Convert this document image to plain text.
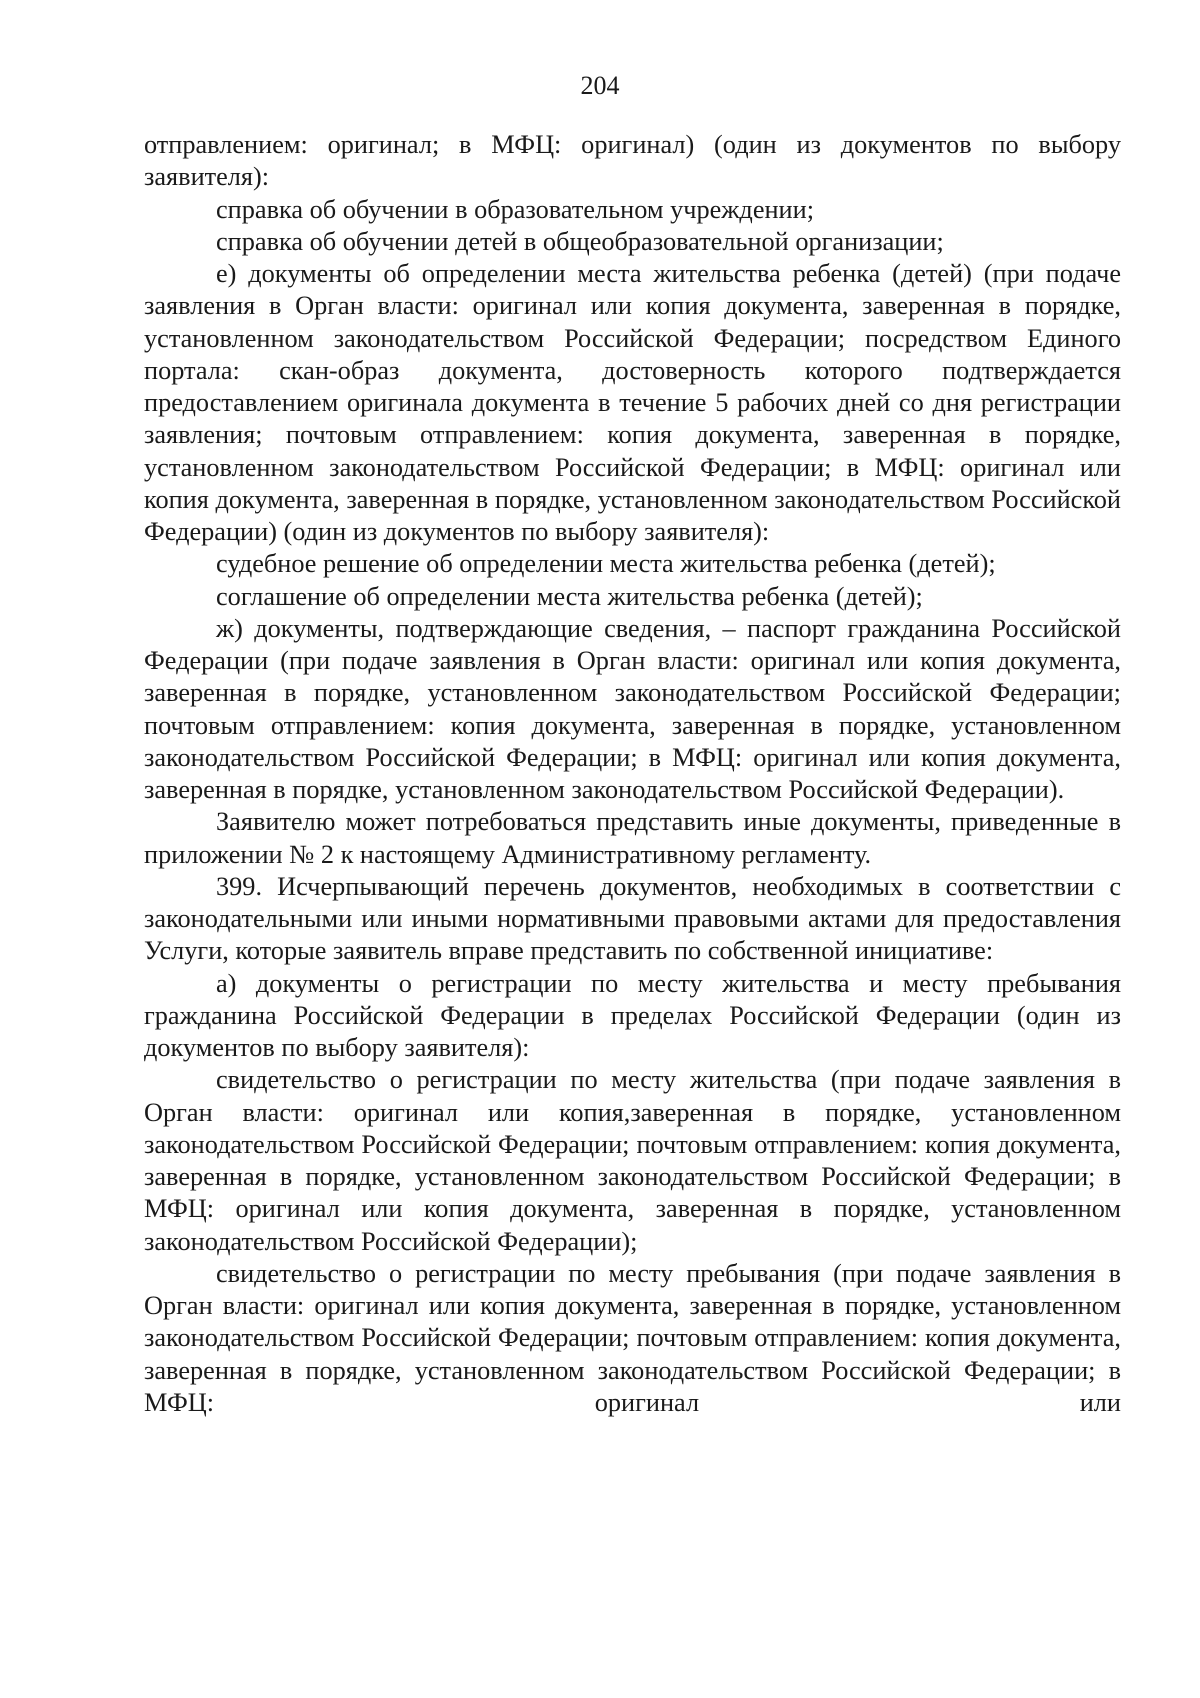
204

отправлением: оригинал; в МФЦ: оригинал) (один из документов по выбору заявителя):

справка об обучении в образовательном учреждении;

справка об обучении детей в общеобразовательной организации;

е) документы об определении места жительства ребенка (детей) (при подаче заявления в Орган власти: оригинал или копия документа, заверенная в порядке, установленном законодательством Российской Федерации; посредством Единого портала: скан-образ документа, достоверность которого подтверждается предоставлением оригинала документа в течение 5 рабочих дней со дня регистрации заявления; почтовым отправлением: копия документа, заверенная в порядке, установленном законодательством Российской Федерации; в МФЦ: оригинал или копия документа, заверенная в порядке, установленном законодательством Российской Федерации) (один из документов по выбору заявителя):

судебное решение об определении места жительства ребенка (детей);

соглашение об определении места жительства ребенка (детей);

ж) документы, подтверждающие сведения, – паспорт гражданина Российской Федерации (при подаче заявления в Орган власти: оригинал или копия документа, заверенная в порядке, установленном законодательством Российской Федерации; почтовым отправлением: копия документа, заверенная в порядке, установленном законодательством Российской Федерации; в МФЦ: оригинал или копия документа, заверенная в порядке, установленном законодательством Российской Федерации).

Заявителю может потребоваться представить иные документы, приведенные в приложении № 2 к настоящему Административному регламенту.

399. Исчерпывающий перечень документов, необходимых в соответствии с законодательными или иными нормативными правовыми актами для предоставления Услуги, которые заявитель вправе представить по собственной инициативе:

а) документы о регистрации по месту жительства и месту пребывания гражданина Российской Федерации в пределах Российской Федерации (один из документов по выбору заявителя):

свидетельство о регистрации по месту жительства (при подаче заявления в Орган власти: оригинал или копия,заверенная в порядке, установленном законодательством Российской Федерации; почтовым отправлением: копия документа, заверенная в порядке, установленном законодательством Российской Федерации; в МФЦ: оригинал или копия документа, заверенная в порядке, установленном законодательством Российской Федерации);

свидетельство о регистрации по месту пребывания (при подаче заявления в Орган власти: оригинал или копия документа, заверенная в порядке, установленном законодательством Российской Федерации; почтовым отправлением: копия документа, заверенная в порядке, установленном законодательством Российской Федерации; в МФЦ: оригинал или
